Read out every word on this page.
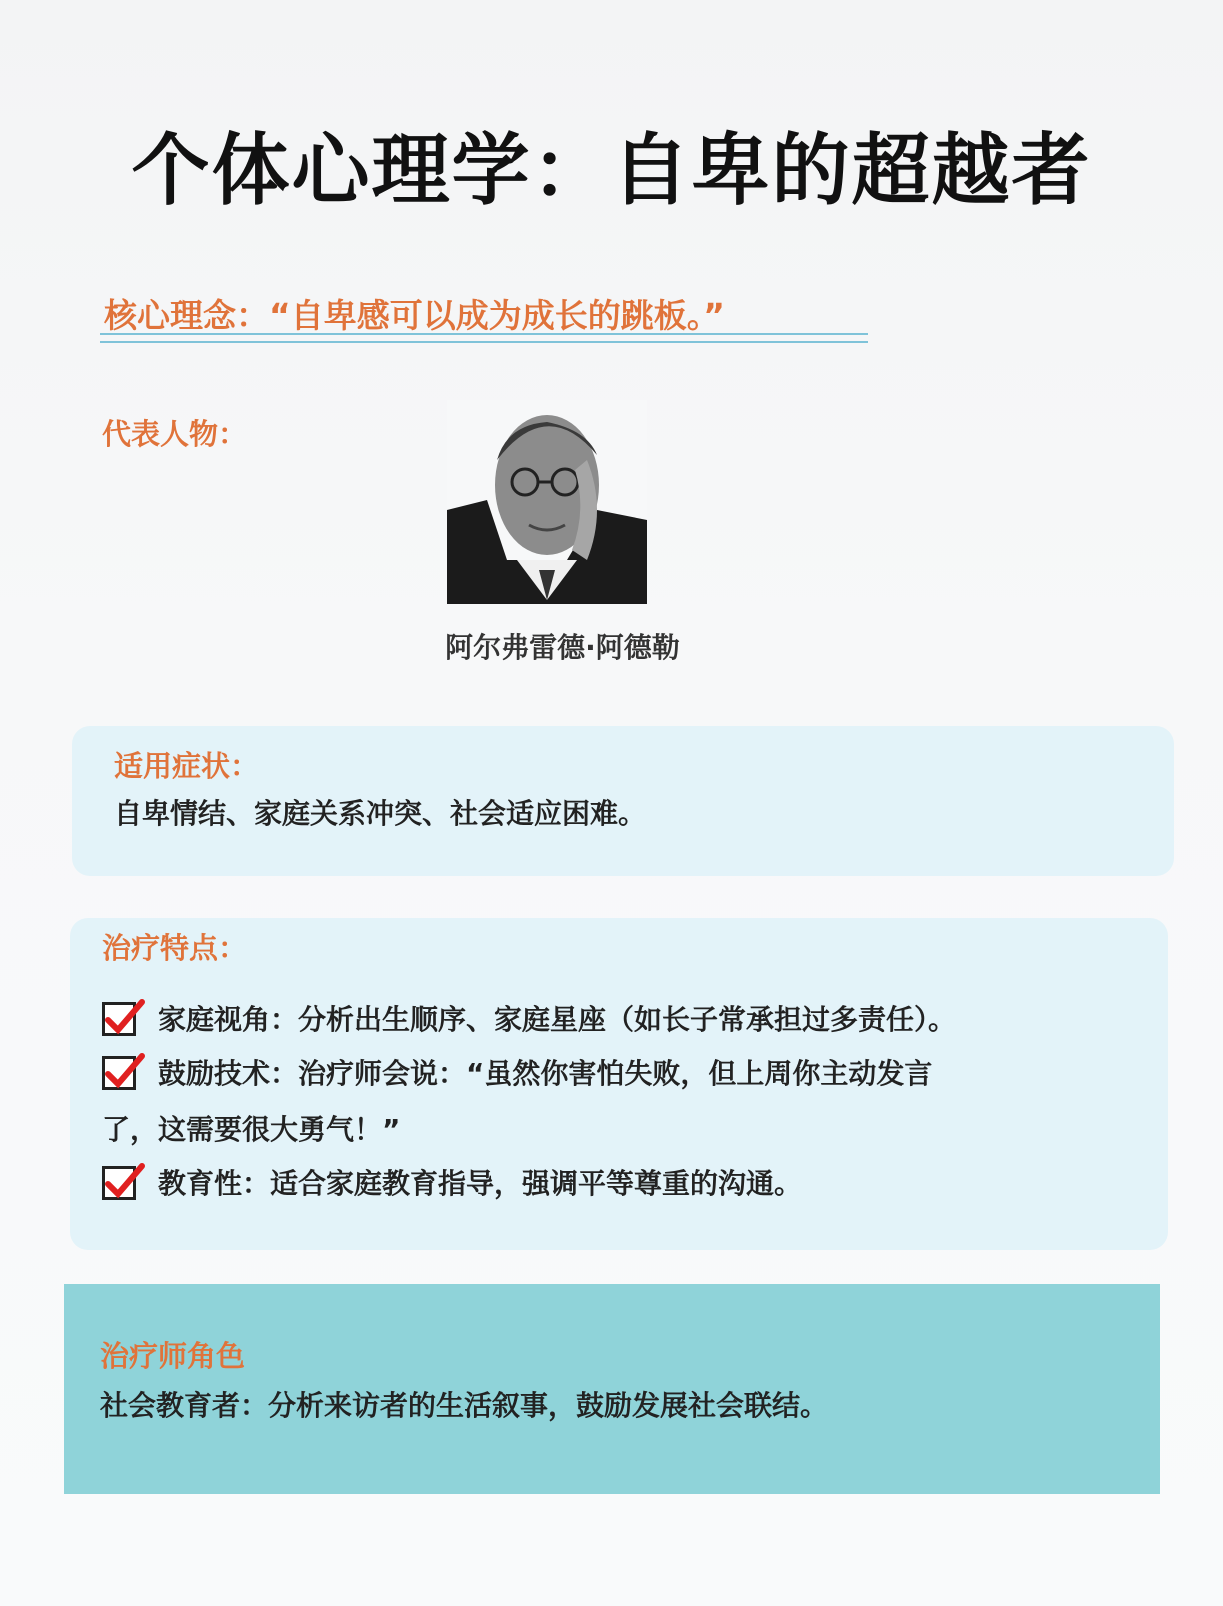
个体心理学：自卑的超越者
核心理念：“自卑感可以成为成长的跳板。”
代表人物：
阿尔弗雷德·阿德勒
适用症状：
自卑情结、家庭关系冲突、社会适应困难。
治疗特点：
家庭视角：分析出生顺序、家庭星座（如长子常承担过多责任）。
鼓励技术：治疗师会说：“虽然你害怕失败，但上周你主动发言
了，这需要很大勇气！”
教育性：适合家庭教育指导，强调平等尊重的沟通。
治疗师角色
社会教育者：分析来访者的生活叙事，鼓励发展社会联结。
